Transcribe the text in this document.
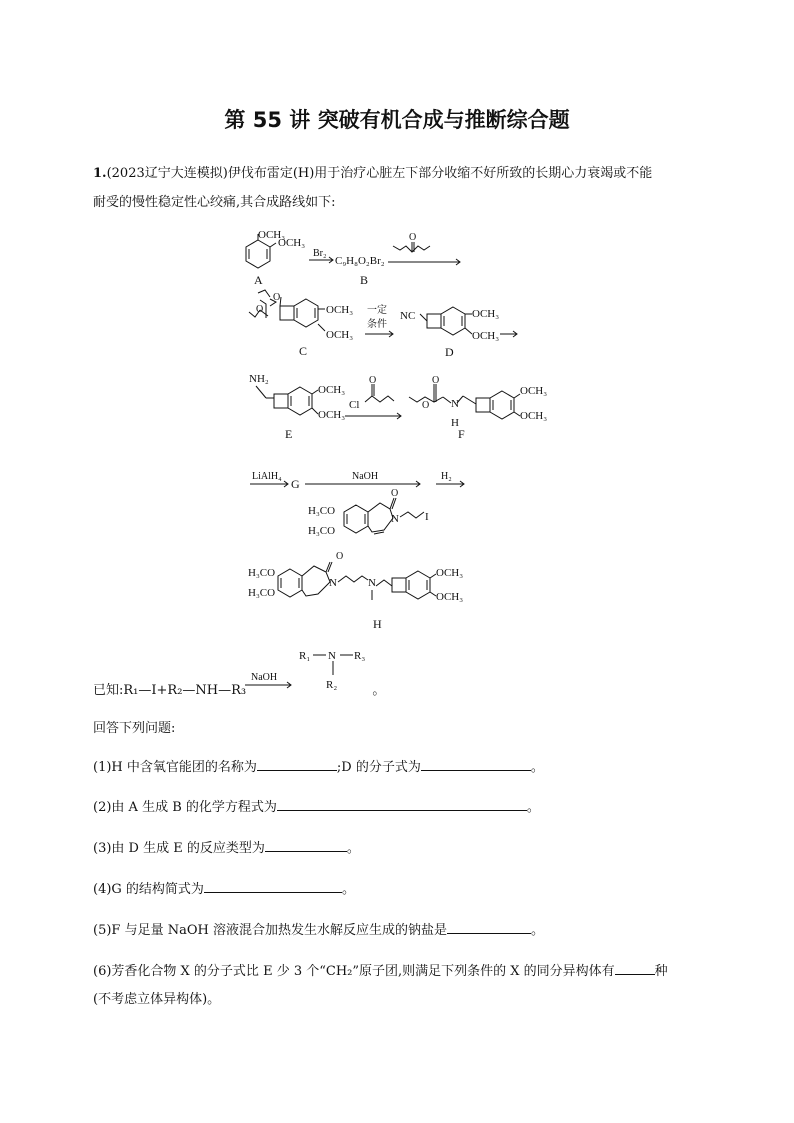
第 55 讲 突破有机合成与推断综合题
1.(2023辽宁大连模拟)伊伐布雷定(H)用于治疗心脏左下部分收缩不好所致的长期心力衰竭或不能
耐受的慢性稳定性心绞痛,其合成路线如下:
OCH₃
OCH₃
A
Br₂
C₉H₈O₂Br₂
B
O
O
O	OCH₃
OCH₃
C
一定
条件
NC	OCH₃
OCH₃
D
NH₂
OCH₃
OCH₃
E
Cl
O	O
O N
H
OCH₃
OCH₃
F
LiAlH₄
G
NaOH	H₂
H₃CO
H₃CO
O
N I
H₃CO
H₃CO
O
N	N
OCH₃
OCH₃
H
NaOH
R₁ N R₃
R₂
已知:R₁—I+R₂—NH—R₃	。
回答下列问题:
(1)H 中含氧官能团的名称为	;D 的分子式为	。
(2)由 A 生成 B 的化学方程式为	。
(3)由 D 生成 E 的反应类型为	。
(4)G 的结构简式为	。
(5)F 与足量 NaOH 溶液混合加热发生水解反应生成的钠盐是	。
(6)芳香化合物 X 的分子式比 E 少 3 个“CH₂”原子团,则满足下列条件的 X 的同分异构体有	种
(不考虑立体异构体)。
